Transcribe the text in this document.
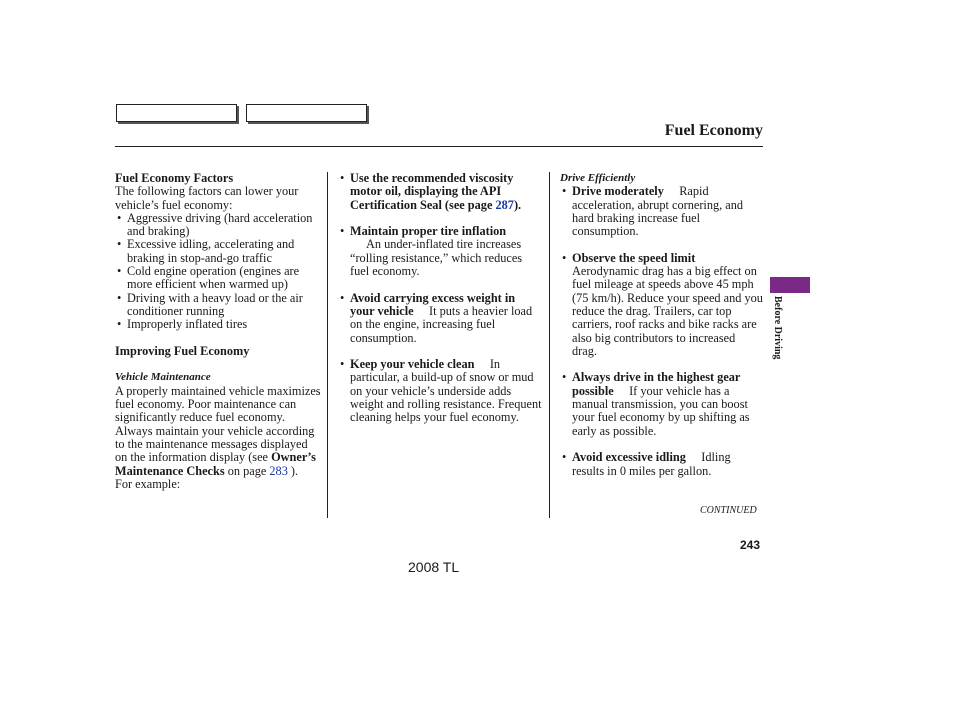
Fuel Economy

Fuel Economy Factors

The following factors can lower your vehicle’s fuel economy:

• Aggressive driving (hard acceleration and braking)
• Excessive idling, accelerating and braking in stop-and-go traffic
• Cold engine operation (engines are more efficient when warmed up)
• Driving with a heavy load or the air conditioner running
• Improperly inflated tires

Improving Fuel Economy

Vehicle Maintenance

A properly maintained vehicle maximizes fuel economy. Poor maintenance can significantly reduce fuel economy. Always maintain your vehicle according to the maintenance messages displayed on the information display (see Owner’s Maintenance Checks on page 283 ).

For example:

• Use the recommended viscosity motor oil, displaying the API Certification Seal (see page 287).
• Maintain proper tire inflation
An under-inflated tire increases “rolling resistance,” which reduces fuel economy.
• Avoid carrying excess weight in your vehicle It puts a heavier load on the engine, increasing fuel consumption.
• Keep your vehicle clean In particular, a build-up of snow or mud on your vehicle’s underside adds weight and rolling resistance. Frequent cleaning helps your fuel economy.

Drive Efficiently

• Drive moderately Rapid acceleration, abrupt cornering, and hard braking increase fuel consumption.
• Observe the speed limit
Aerodynamic drag has a big effect on fuel mileage at speeds above 45 mph (75 km/h). Reduce your speed and you reduce the drag. Trailers, car top carriers, roof racks and bike racks are also big contributors to increased drag.
• Always drive in the highest gear possible If your vehicle has a manual transmission, you can boost your fuel economy by up shifting as early as possible.
• Avoid excessive idling Idling results in 0 miles per gallon.
Before Driving
CONTINUED
243
2008 TL
